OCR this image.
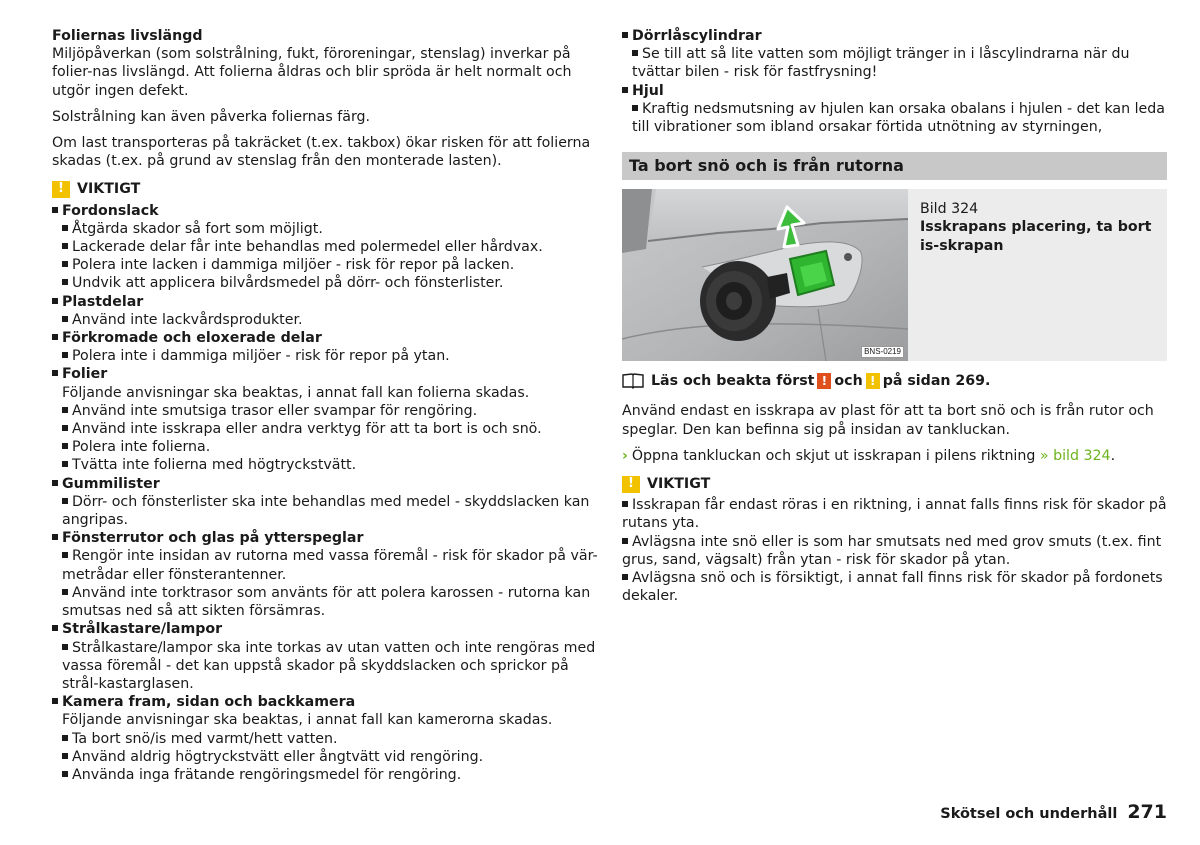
Foliernas livslängd

Miljöpåverkan (som solstrålning, fukt, föroreningar, stenslag) inverkar på folier-nas livslängd. Att folierna åldras och blir spröda är helt normalt och utgör ingen defekt.

Solstrålning kan även påverka foliernas färg.

Om last transporteras på takräcket (t.ex. takbox) ökar risken för att folierna skadas (t.ex. på grund av stenslag från den monterade lasten).

! VIKTIGT

Fordonslack

Åtgärda skador så fort som möjligt.

Lackerade delar får inte behandlas med polermedel eller hårdvax.

Polera inte lacken i dammiga miljöer - risk för repor på lacken.

Undvik att applicera bilvårdsmedel på dörr- och fönsterlister.

Plastdelar

Använd inte lackvårdsprodukter.

Förkromade och eloxerade delar

Polera inte i dammiga miljöer - risk för repor på ytan.

Folier

Följande anvisningar ska beaktas, i annat fall kan folierna skadas.

Använd inte smutsiga trasor eller svampar för rengöring.

Använd inte isskrapa eller andra verktyg för att ta bort is och snö.

Polera inte folierna.

Tvätta inte folierna med högtryckstvätt.

Gummilister

Dörr- och fönsterlister ska inte behandlas med medel - skyddslacken kan angripas.

Fönsterrutor och glas på ytterspeglar

Rengör inte insidan av rutorna med vassa föremål - risk för skador på vär-metrådar eller fönsterantenner.

Använd inte torktrasor som använts för att polera karossen - rutorna kan smutsas ned så att sikten försämras.

Strålkastare/lampor

Strålkastare/lampor ska inte torkas av utan vatten och inte rengöras med vassa föremål - det kan uppstå skador på skyddslacken och sprickor på strål-kastarglasen.

Kamera fram, sidan och backkamera

Följande anvisningar ska beaktas, i annat fall kan kamerorna skadas.

Ta bort snö/is med varmt/hett vatten.

Använd aldrig högtryckstvätt eller ångtvätt vid rengöring.

Använda inga frätande rengöringsmedel för rengöring.

Dörrlåscylindrar

Se till att så lite vatten som möjligt tränger in i låscylindrarna när du tvättar bilen - risk för fastfrysning!

Hjul

Kraftig nedsmutsning av hjulen kan orsaka obalans i hjulen - det kan leda till vibrationer som ibland orsakar förtida utnötning av styrningen,

Ta bort snö och is från rutorna
BNS-0219

Bild 324

Isskrapans placering, ta bort is-skrapan

Läs och beakta först ! och ! på sidan 269.

Använd endast en isskrapa av plast för att ta bort snö och is från rutor och speglar. Den kan befinna sig på insidan av tankluckan.

› Öppna tankluckan och skjut ut isskrapan i pilens riktning » bild 324.

! VIKTIGT

Isskrapan får endast röras i en riktning, i annat falls finns risk för skador på rutans yta.

Avlägsna inte snö eller is som har smutsats ned med grov smuts (t.ex. fint grus, sand, vägsalt) från ytan - risk för skador på ytan.

Avlägsna snö och is försiktigt, i annat fall finns risk för skador på fordonets dekaler.

Skötsel och underhåll 271
